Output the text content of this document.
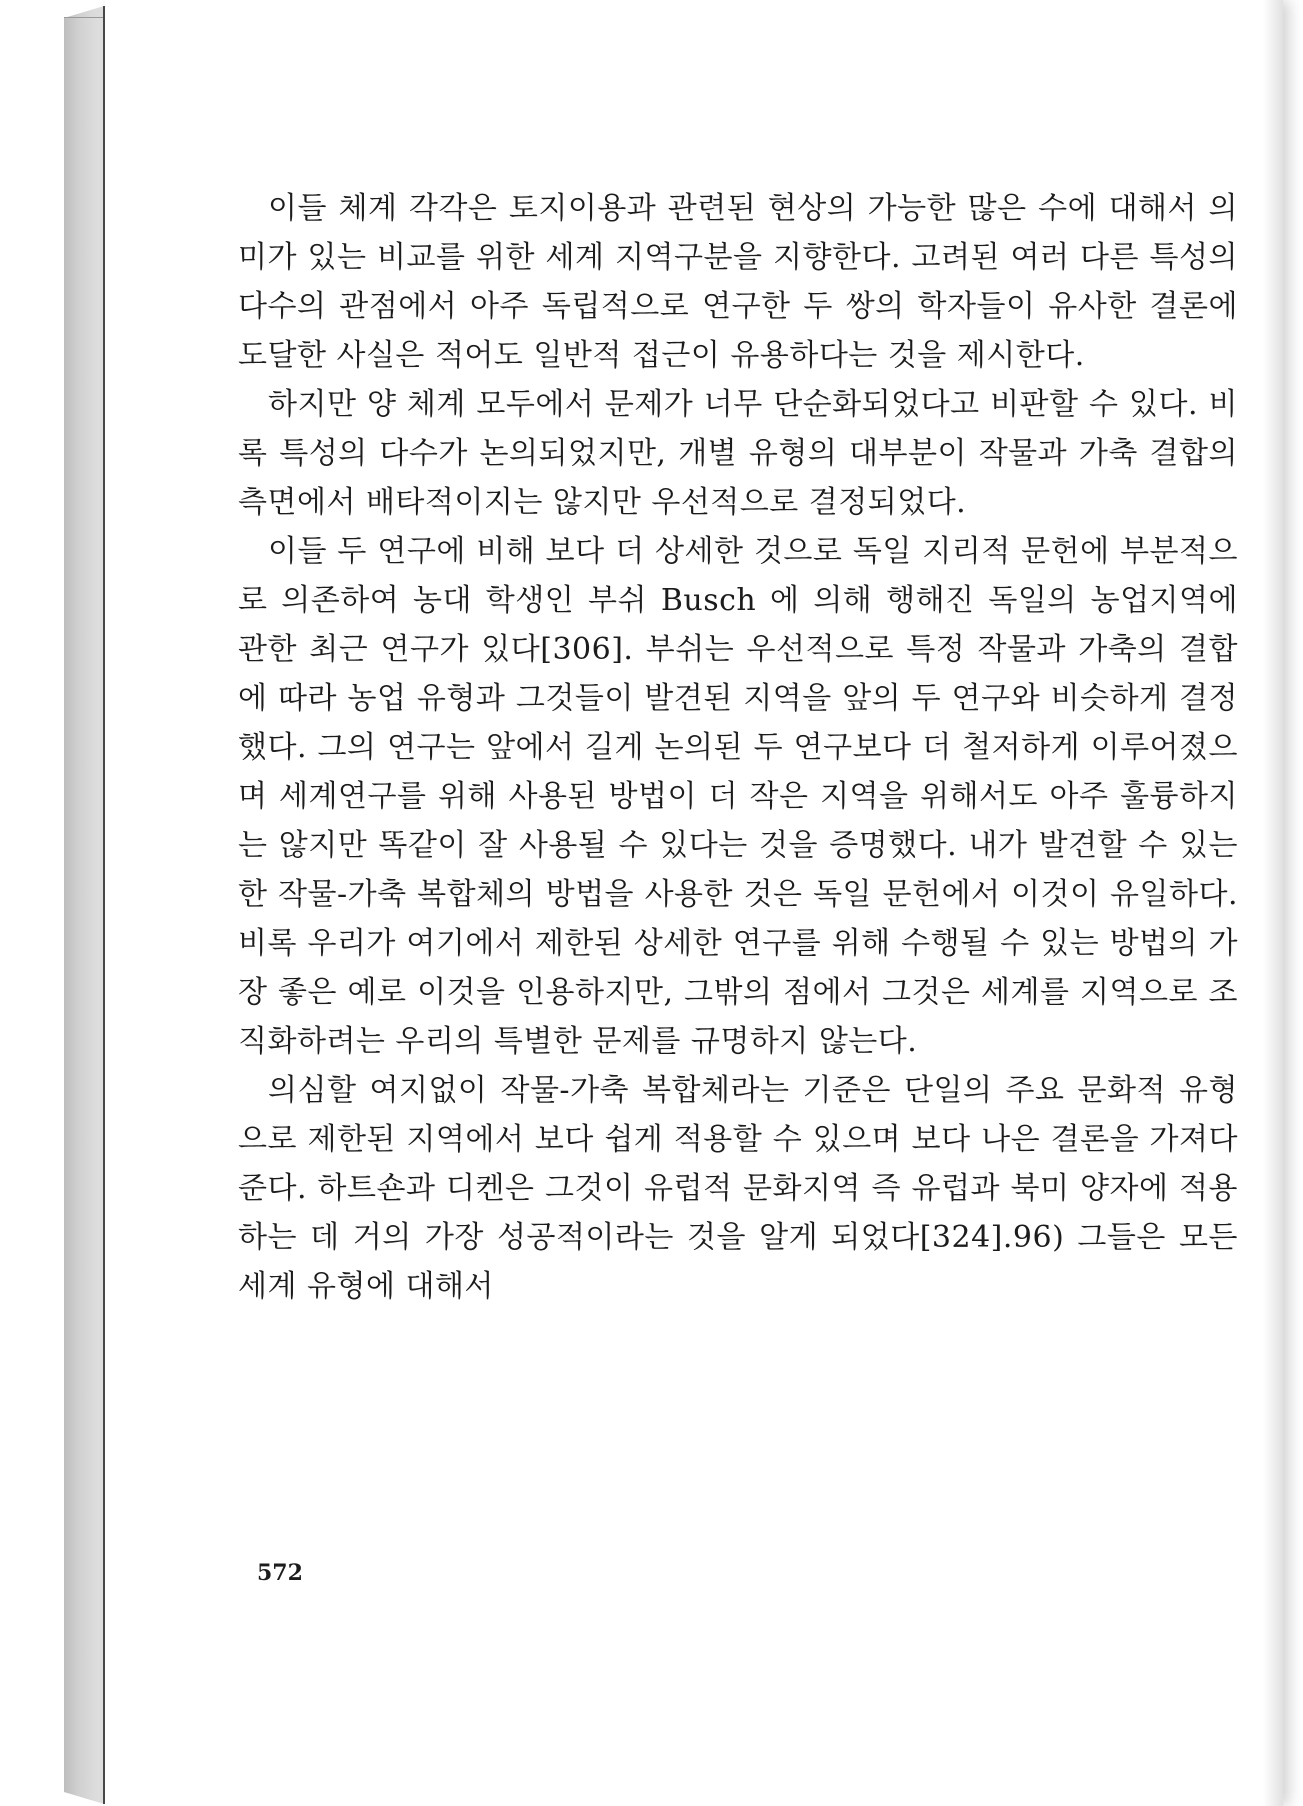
이들 체계 각각은 토지이용과 관련된 현상의 가능한 많은 수에 대해서 의미가 있는 비교를 위한 세계 지역구분을 지향한다. 고려된 여러 다른 특성의 다수의 관점에서 아주 독립적으로 연구한 두 쌍의 학자들이 유사한 결론에 도달한 사실은 적어도 일반적 접근이 유용하다는 것을 제시한다.

하지만 양 체계 모두에서 문제가 너무 단순화되었다고 비판할 수 있다. 비록 특성의 다수가 논의되었지만, 개별 유형의 대부분이 작물과 가축 결합의 측면에서 배타적이지는 않지만 우선적으로 결정되었다.

이들 두 연구에 비해 보다 더 상세한 것으로 독일 지리적 문헌에 부분적으로 의존하여 농대 학생인 부쉬 Busch 에 의해 행해진 독일의 농업지역에 관한 최근 연구가 있다[306]. 부쉬는 우선적으로 특정 작물과 가축의 결합에 따라 농업 유형과 그것들이 발견된 지역을 앞의 두 연구와 비슷하게 결정했다. 그의 연구는 앞에서 길게 논의된 두 연구보다 더 철저하게 이루어졌으며 세계연구를 위해 사용된 방법이 더 작은 지역을 위해서도 아주 훌륭하지는 않지만 똑같이 잘 사용될 수 있다는 것을 증명했다. 내가 발견할 수 있는 한 작물-가축 복합체의 방법을 사용한 것은 독일 문헌에서 이것이 유일하다. 비록 우리가 여기에서 제한된 상세한 연구를 위해 수행될 수 있는 방법의 가장 좋은 예로 이것을 인용하지만, 그밖의 점에서 그것은 세계를 지역으로 조직화하려는 우리의 특별한 문제를 규명하지 않는다.

의심할 여지없이 작물-가축 복합체라는 기준은 단일의 주요 문화적 유형으로 제한된 지역에서 보다 쉽게 적용할 수 있으며 보다 나은 결론을 가져다준다. 하트숀과 디켄은 그것이 유럽적 문화지역 즉 유럽과 북미 양자에 적용하는 데 거의 가장 성공적이라는 것을 알게 되었다[324].96) 그들은 모든 세계 유형에 대해서

572
